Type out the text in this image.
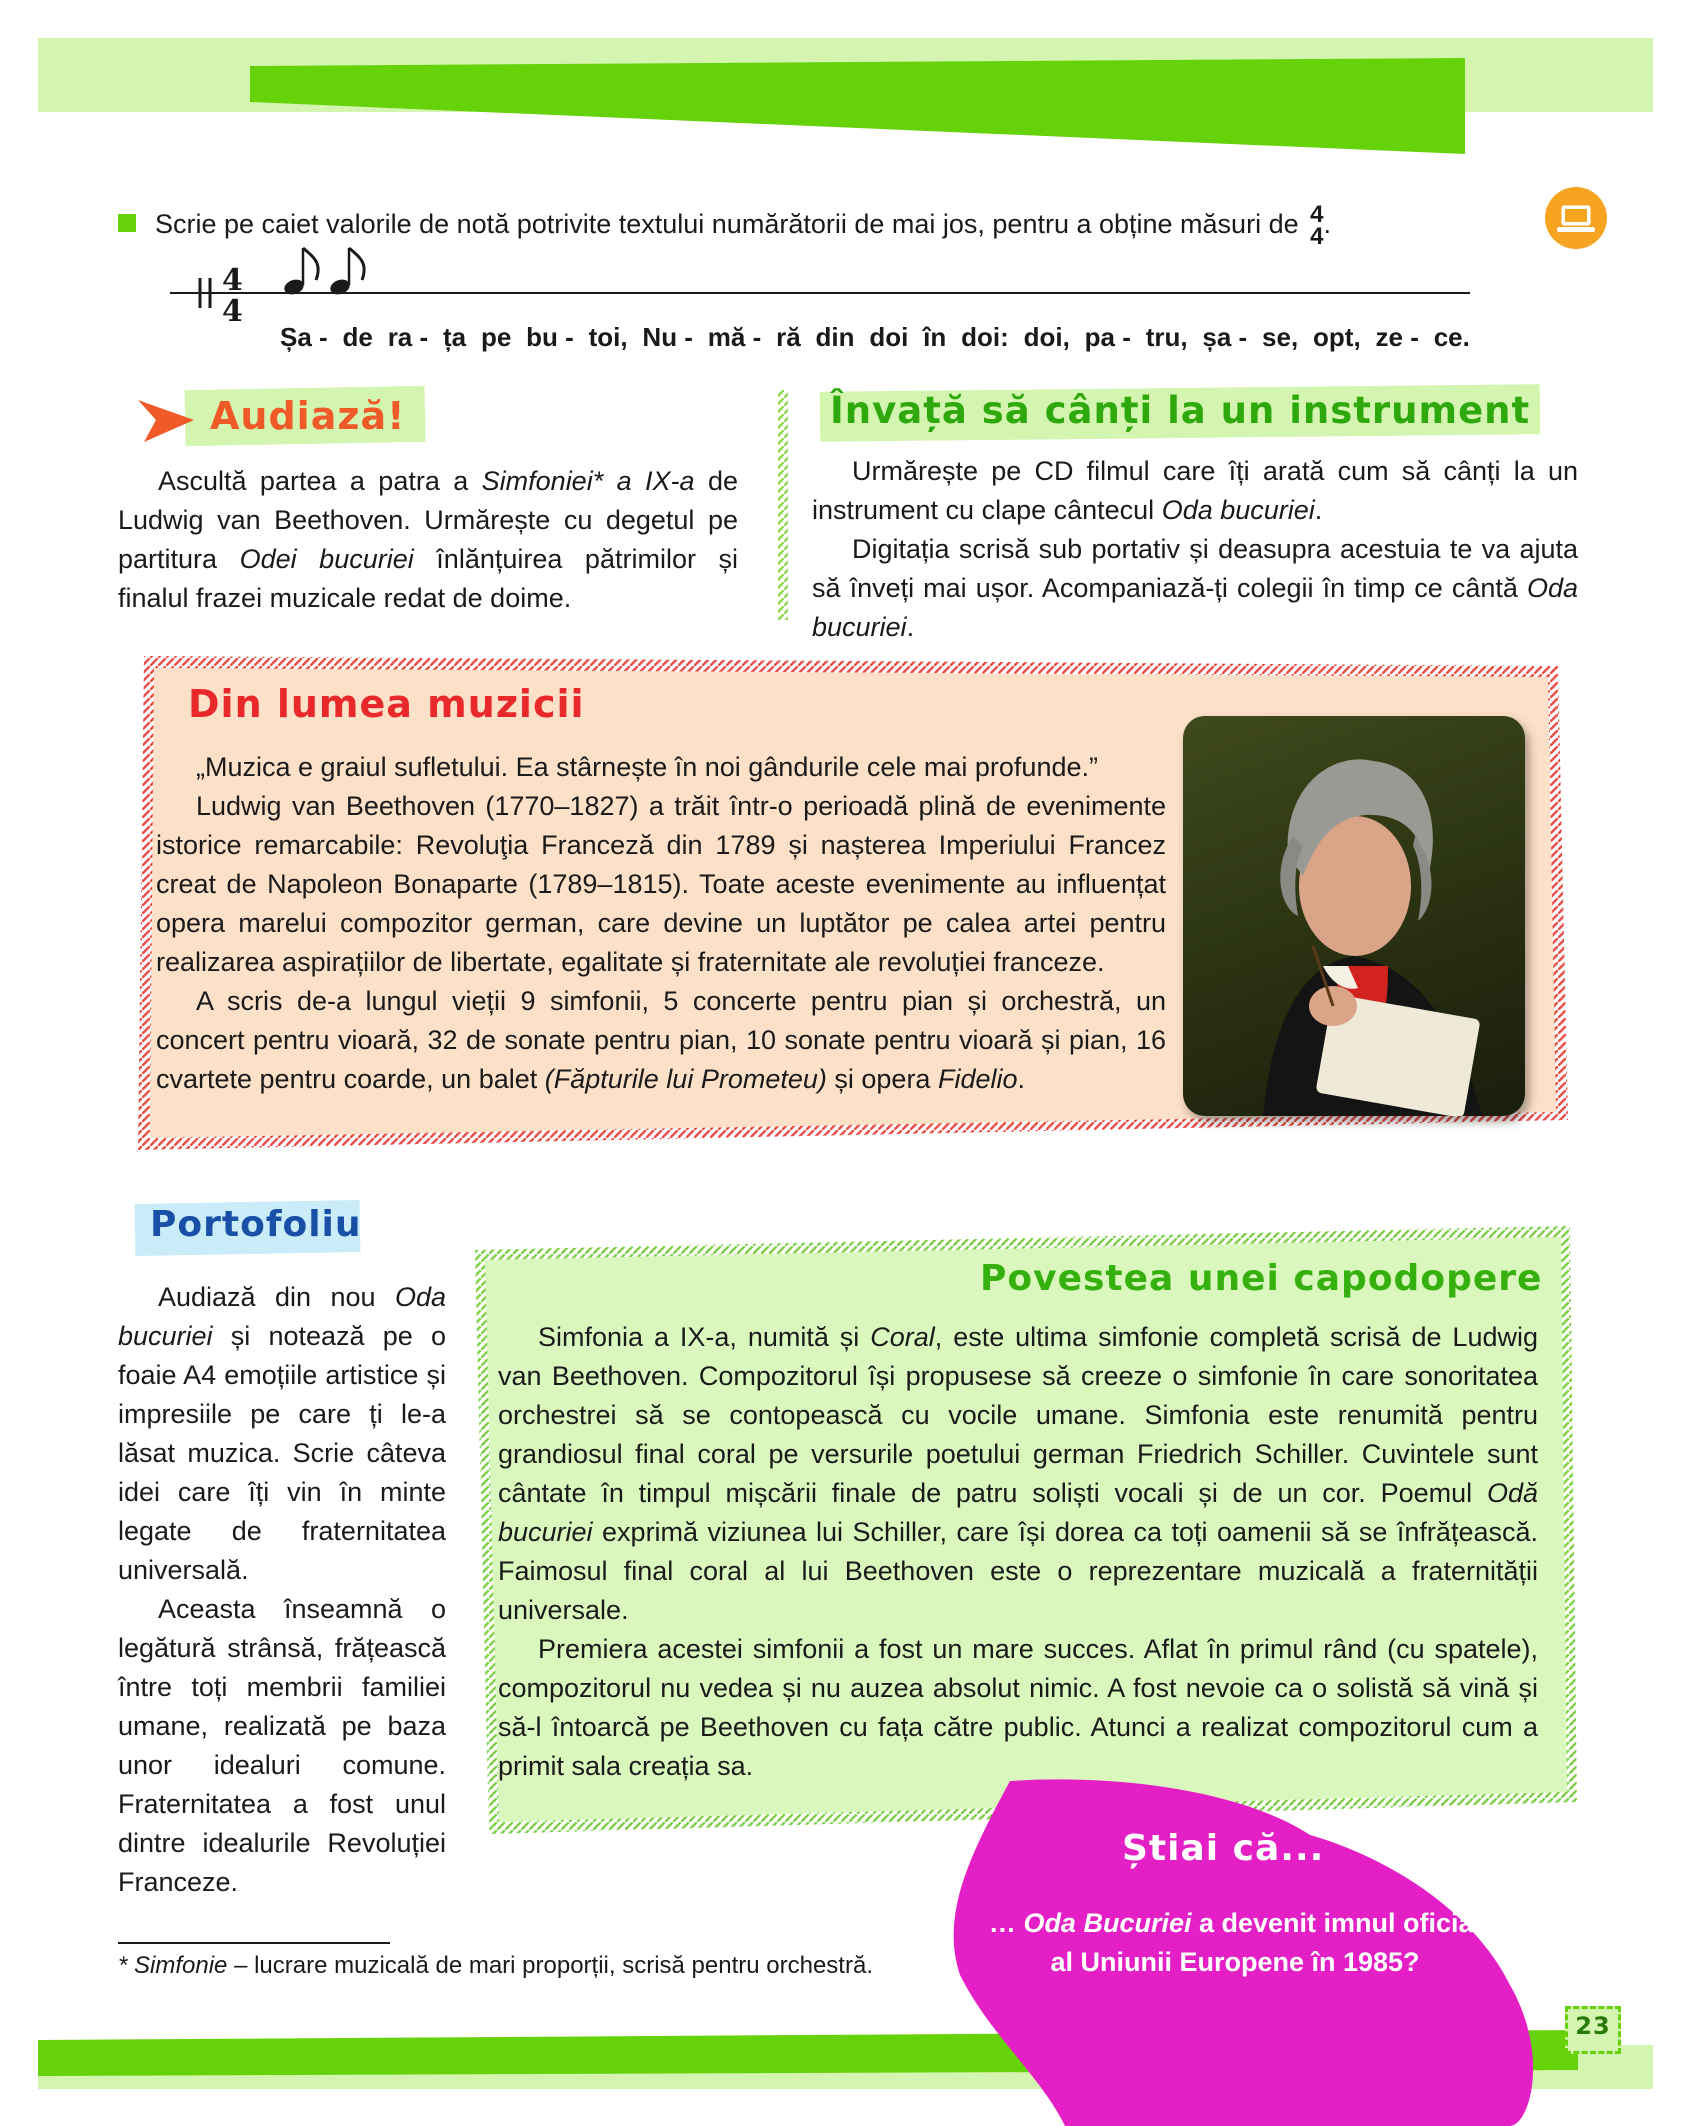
Scrie pe caiet valorile de notă potrivite textului numărătorii de mai jos, pentru a obține măsuri de 4
4 .
4
4
Șa - de ra - ța pe bu - toi, Nu - mă - ră din doi în doi: doi, pa - tru, șa - se, opt, ze - ce.
Audiază!

Ascultă partea a patra a Simfoniei* a IX-a de Ludwig van Beethoven. Urmărește cu degetul pe partitura Odei bucuriei înlănțuirea pătrimilor și finalul frazei muzicale redat de doime.

Învață să cânți la un instrument

Urmărește pe CD filmul care îți arată cum să cânți la un instrument cu clape cântecul Oda bucuriei.

Digitația scrisă sub portativ și deasupra acestuia te va ajuta să înveți mai ușor. Acompaniază-ți colegii în timp ce cântă Oda bucuriei.

Din lumea muzicii

„Muzica e graiul sufletului. Ea stârnește în noi gândurile cele mai profunde.”

Ludwig van Beethoven (1770–1827) a trăit într-o perioadă plină de evenimente istorice remarcabile: Revoluţia Franceză din 1789 și nașterea Imperiului Francez creat de Napoleon Bonaparte (1789–1815). Toate aceste evenimente au influențat opera marelui compozitor german, care devine un luptător pe calea artei pentru realizarea aspirațiilor de libertate, egalitate și fraternitate ale revoluției franceze.

A scris de-a lungul vieții 9 simfonii, 5 concerte pentru pian și orchestră, un concert pentru vioară, 32 de sonate pentru pian, 10 sonate pentru vioară și pian, 16 cvartete pentru coarde, un balet (Făpturile lui Prometeu) și opera Fidelio.

Portofoliu

Audiază din nou Oda bucuriei și notează pe o foaie A4 emoțiile artistice și impresiile pe care ți le-a lăsat muzica. Scrie câteva idei care îți vin în minte legate de fraternitatea universală.

Aceasta înseamnă o legătură strânsă, frățească între toți membrii familiei umane, realizată pe baza unor idealuri comune. Fraternitatea a fost unul dintre idealurile Revoluției Franceze.

Povestea unei capodopere

Simfonia a IX-a, numită și Coral, este ultima simfonie completă scrisă de Ludwig van Beethoven. Compozitorul își propusese să creeze o simfonie în care sonoritatea orchestrei să se contopească cu vocile umane. Simfonia este renumită pentru grandiosul final coral pe versurile poetului german Friedrich Schiller. Cuvintele sunt cântate în timpul mișcării finale de patru soliști vocali și de un cor. Poemul Odă bucuriei exprimă viziunea lui Schiller, care își dorea ca toți oamenii să se înfrățească. Faimosul final coral al lui Beethoven este o reprezentare muzicală a fraternității universale.

Premiera acestei simfonii a fost un mare succes. Aflat în primul rând (cu spatele), compozitorul nu vedea și nu auzea absolut nimic. A fost nevoie ca o solistă să vină și să-l întoarcă pe Beethoven cu fața către public. Atunci a realizat compozitorul cum a primit sala creația sa.

Știai că...
… Oda Bucuriei a devenit imnul oficial al Uniunii Europene în 1985?
* Simfonie – lucrare muzicală de mari proporții, scrisă pentru orchestră.
23
